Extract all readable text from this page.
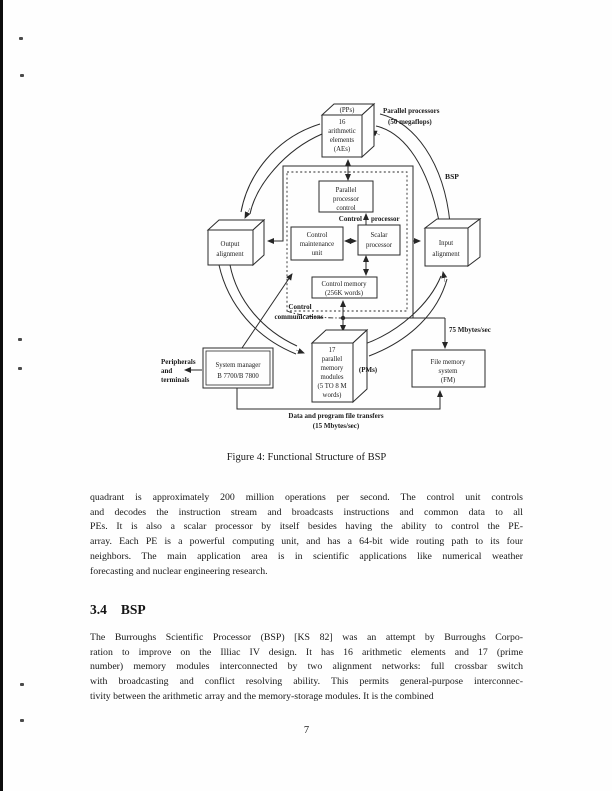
(PPs)
16
arithmetic
elements
(AEs)
Parallel processors
(50 megaflops)
BSP
Parallel
processor
control
Control processor
Control
maintenance
unit
Scalar
processor
Control memory
(256K words)
Control
communications
Output
alignment
Input
alignment
17
parallel
memory
modules
(5 TO 8 M
words)
(PMs)
File memory
system
(FM)
System manager
B 7700/B 7800
Peripherals
and
terminals
75 Mbytes/sec
Data and program file transfers
(15 Mbytes/sec)
Figure 4: Functional Structure of BSP
quadrant is approximately 200 million operations per second. The control unit controls
and decodes the instruction stream and broadcasts instructions and common data to all
PEs. It is also a scalar processor by itself besides having the ability to control the PE-
array. Each PE is a powerful computing unit, and has a 64-bit wide routing path to its four
neighbors. The main application area is in scientific applications like numerical weather
forecasting and nuclear engineering research.
3.4 BSP
The Burroughs Scientific Processor (BSP) [KS 82] was an attempt by Burroughs Corpo-
ration to improve on the Illiac IV design. It has 16 arithmetic elements and 17 (prime
number) memory modules interconnected by two alignment networks: full crossbar switch
with broadcasting and conflict resolving ability. This permits general-purpose interconnec-
tivity between the arithmetic array and the memory-storage modules. It is the combined
7
